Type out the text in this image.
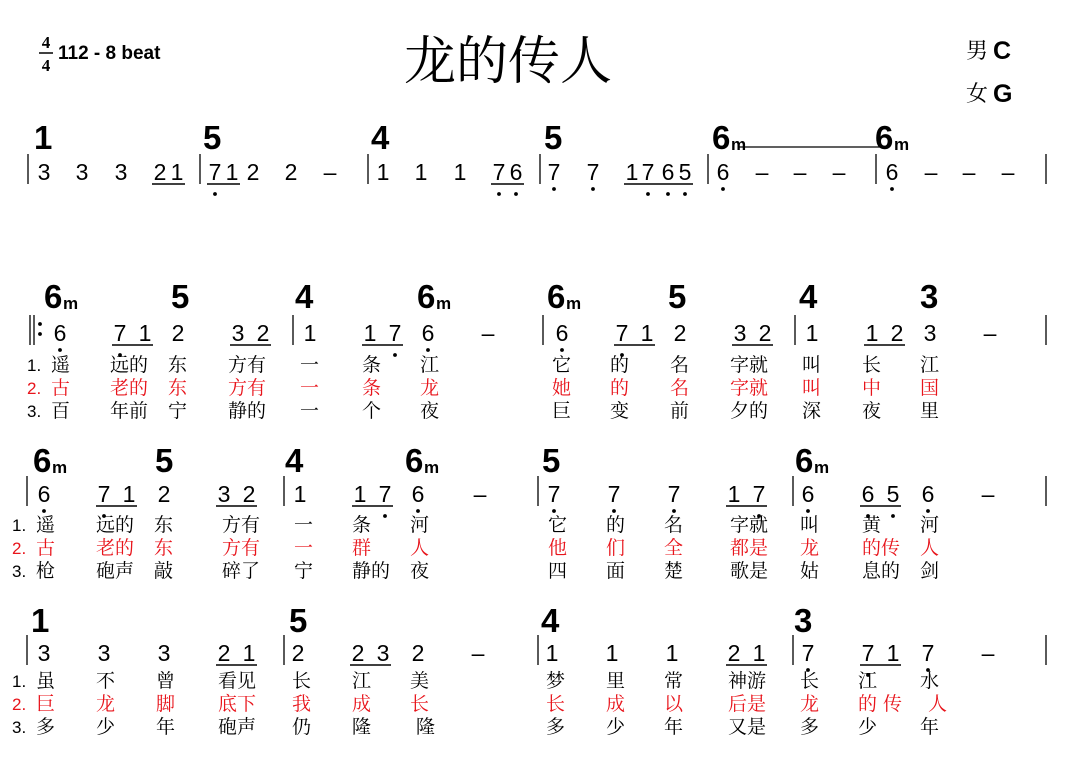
4
4
112 - 8 beat	龙的传人	男 C
女 G
1	5	4	5	6 m	6 m
3 3 3 2 1 7 1 2 2 – 1 1 1 7 6 7 7 1 7 6 5 6 – – – 6 – – –
6 m	5	4	6 m	6 m	5	4	3
6 7 1 2 3 2 1 1 7 6 –	6 7 1 2 3 2 1 1 2 3 –
1. 遥 远的 东 方有 一 条 江	它 的 名 字就 叫 长 江
2. 古 老的 东 方有 一 条 龙	她 的 名 字就 叫 中 国
3. 百 年前 宁 静的 一 个 夜	巨 变 前 夕的 深 夜 里
6 m	5	4	6 m	5	6 m
6 7 1 2 3 2 1 1 7 6 –	7 7 7 1 7 6 6 5 6 –
1. 遥 远的 东	方有 一 条 河	它 的 名 字就 叫 黄 河
2. 古 老的 东	方有 一 群 人	他 们 全 都是 龙 的传 人
3. 枪 砲声 敲	碎了 宁 静的 夜	四 面 楚 歌是 姑 息的 剑
1	5	4	3
3 3 3 2 1 2 2 3 2 –	1 1 1 2 1 7 7 1 7 –
1. 虽 不 曾 看见 长 江 美	梦 里 常 神游 长 江 水
2. 巨 龙 脚 底下 我 成 长	长 成 以 后是 龙 的 传 人
3. 多 少 年 砲声 仍 隆 隆	多 少 年 又是 多 少 年
